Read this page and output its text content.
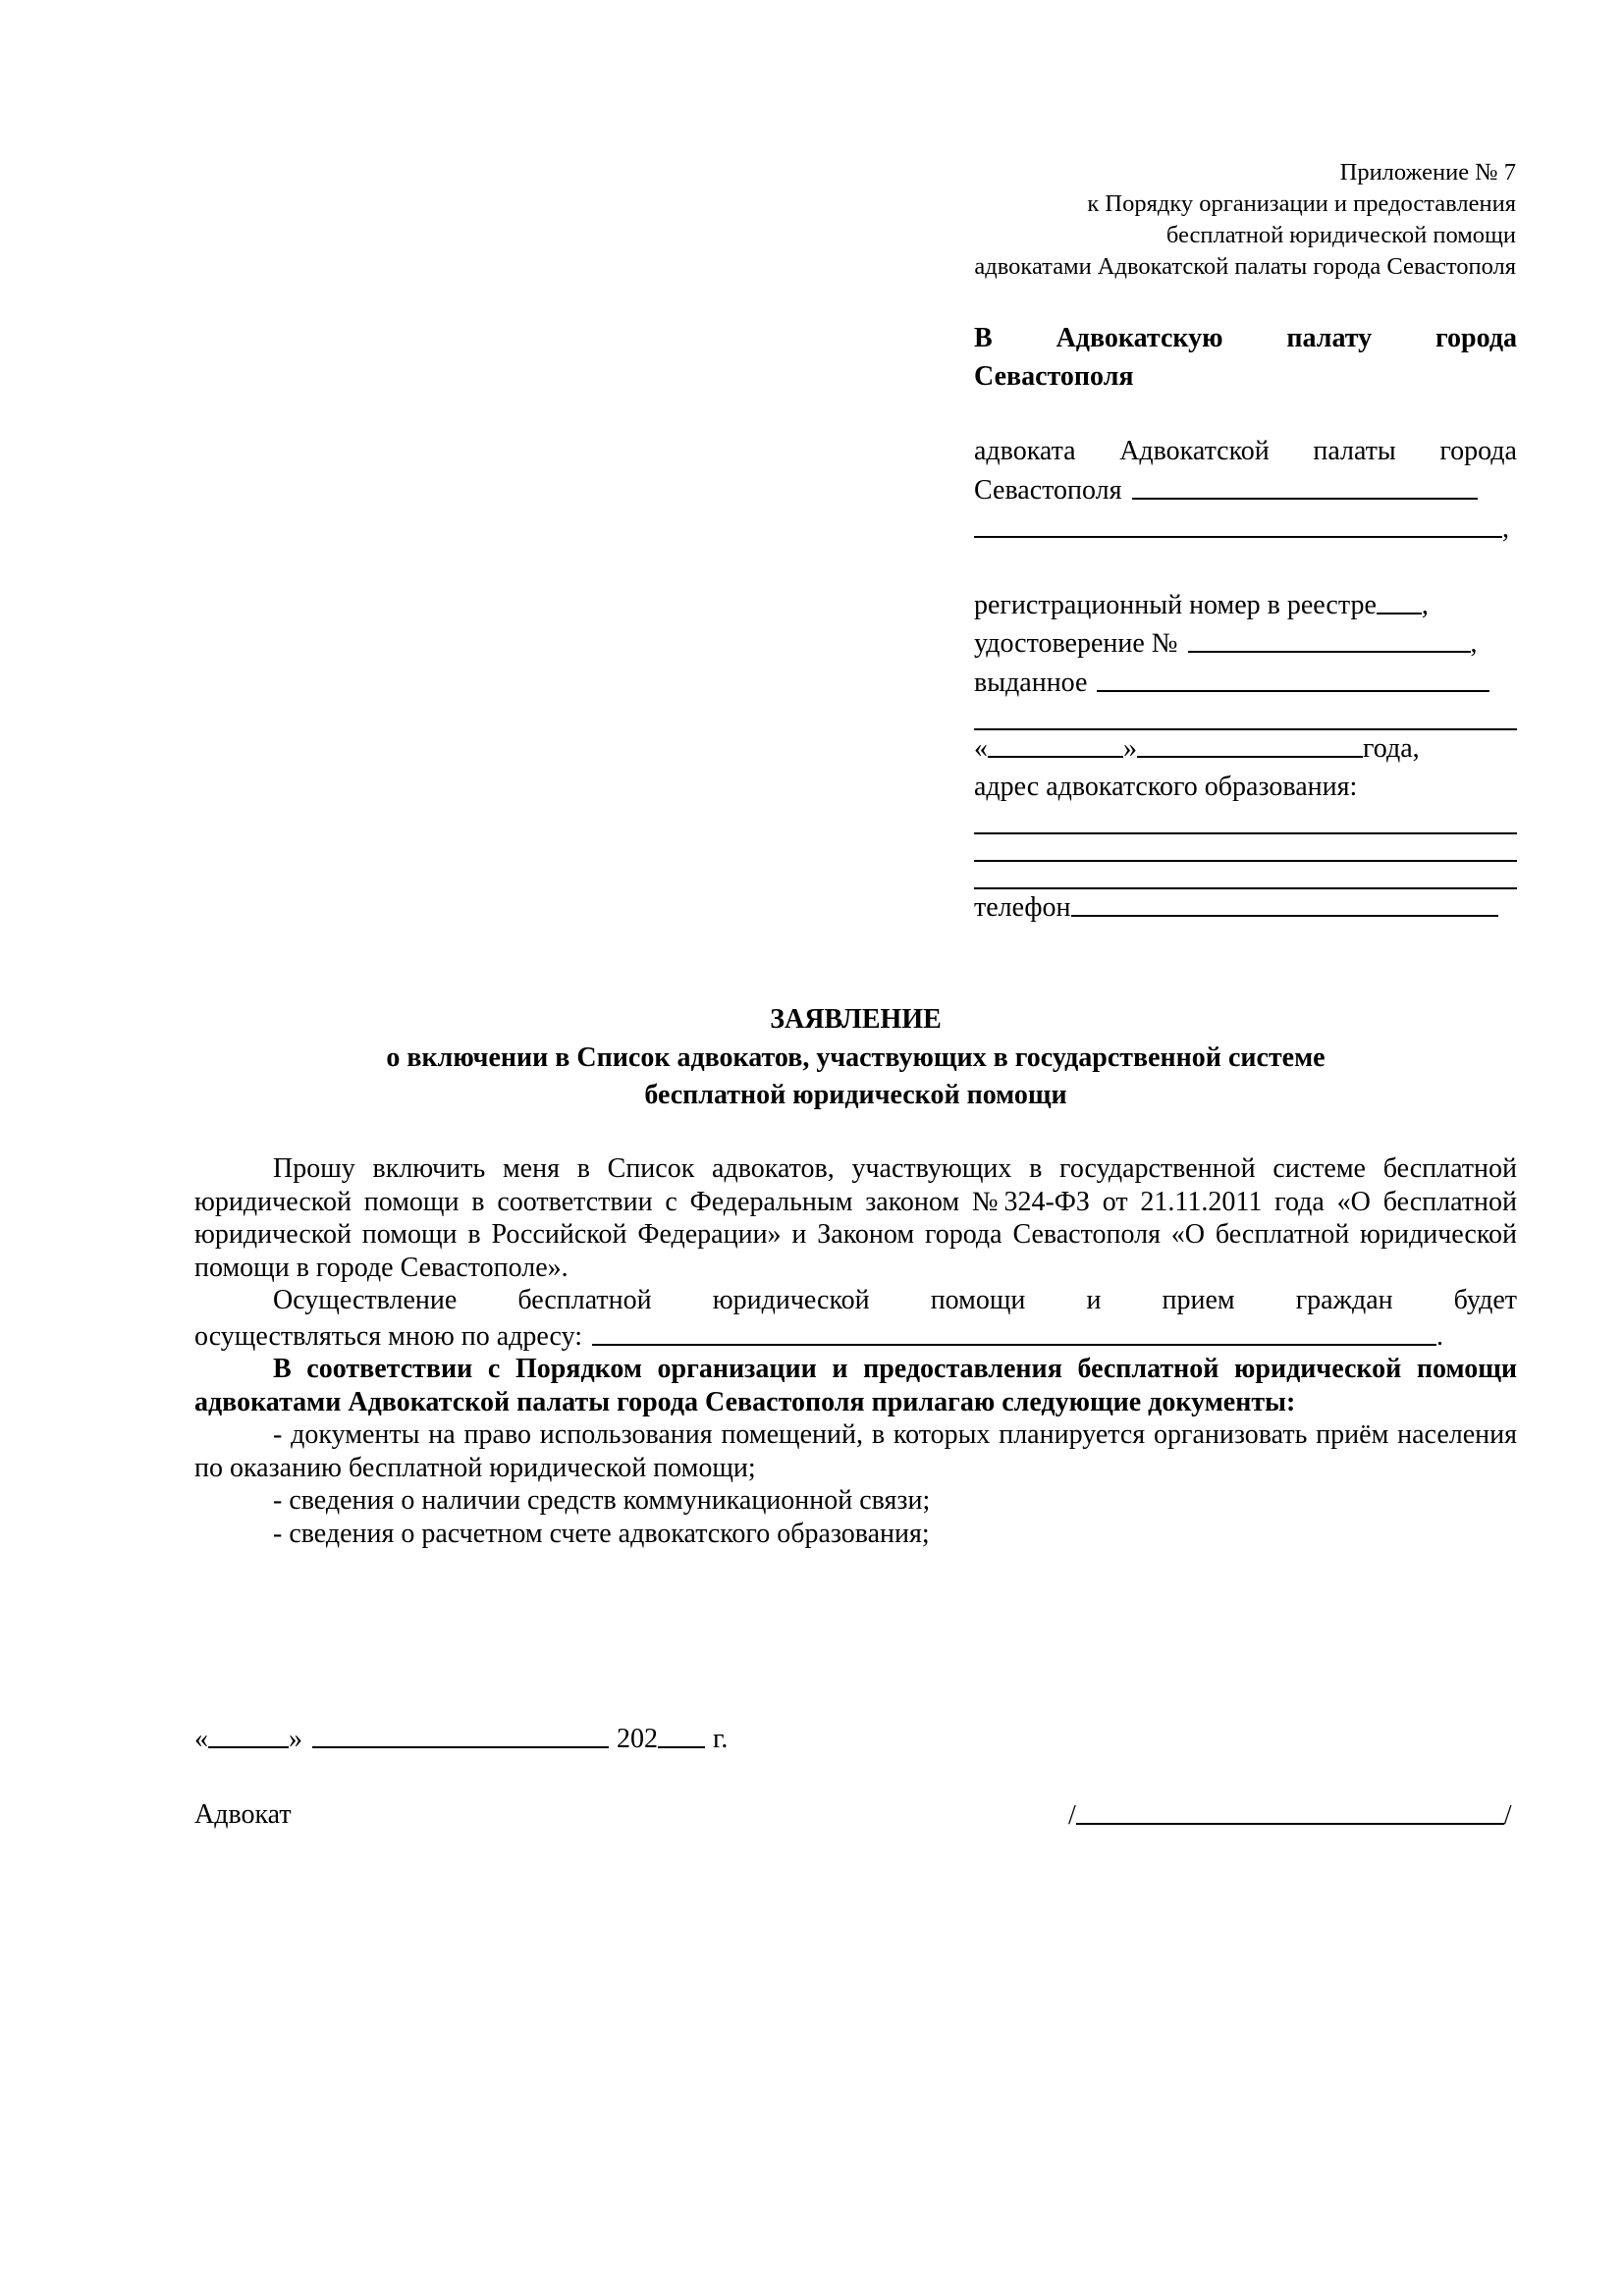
Приложение № 7
к Порядку организации и предоставления
бесплатной юридической помощи
адвокатами Адвокатской палаты города Севастополя
В Адвокатскую палату города
Севастополя
адвоката Адвокатской палаты города
Севастополя
,
регистрационный номер в реестре ,
удостоверение №	,
выданное
«	»	года,
адрес адвокатского образования:
телефон
ЗАЯВЛЕНИЕ
о включении в Список адвокатов, участвующих в государственной системе
бесплатной юридической помощи
Прошу включить меня в Список адвокатов, участвующих в государственной системе бесплатной юридической помощи в соответствии с Федеральным законом №324-ФЗ от 21.11.2011 года «О бесплатной юридической помощи в Российской Федерации» и Законом города Севастополя «О бесплатной юридической помощи в городе Севастополе».
Осуществление бесплатной юридической помощи и прием граждан будет
осуществляться мною по адресу:	.
В соответствии с Порядком организации и предоставления бесплатной юридической помощи адвокатами Адвокатской палаты города Севастополя прилагаю следующие документы:
- документы на право использования помещений, в которых планируется организовать приём населения по оказанию бесплатной юридической помощи;
- сведения о наличии средств коммуникационной связи;
- сведения о расчетном счете адвокатского образования;
«	»	202 г.
Адвокат	/	/
